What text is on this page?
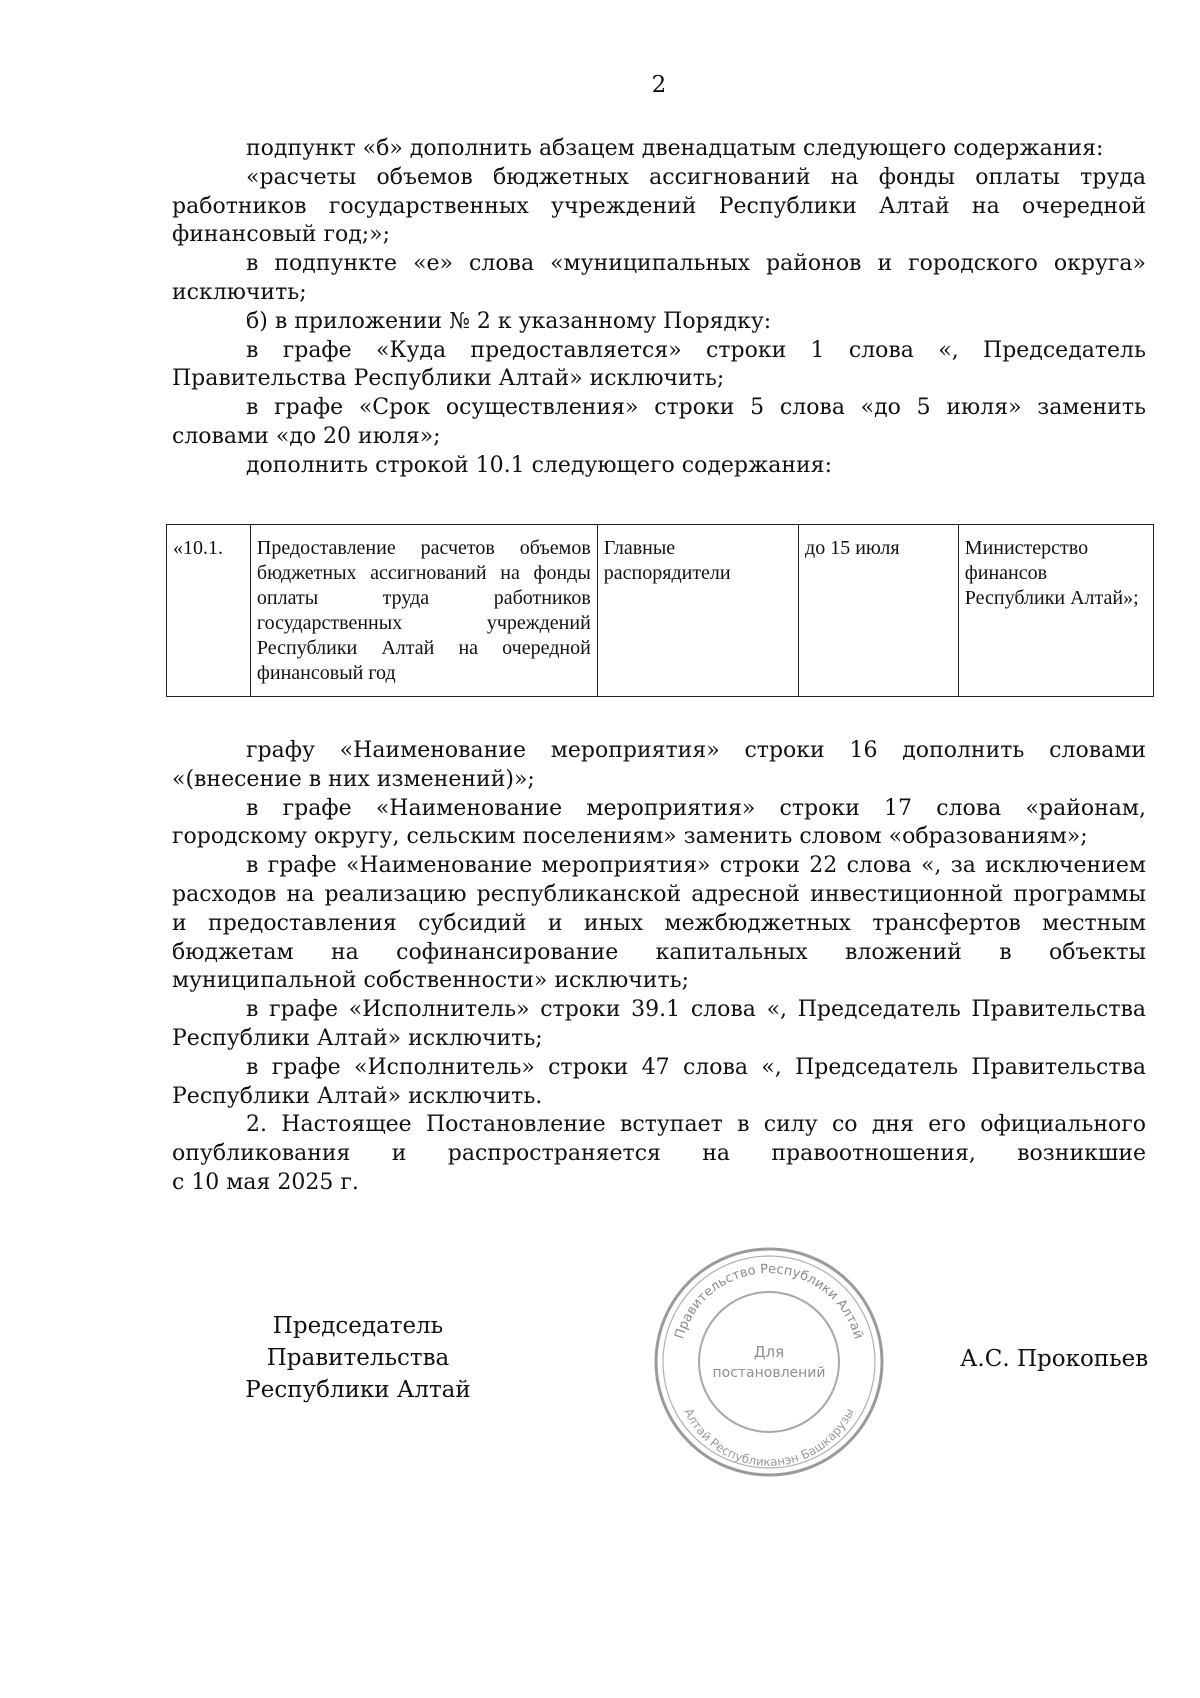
2

подпункт «б» дополнить абзацем двенадцатым следующего содержания:

«расчеты объемов бюджетных ассигнований на фонды оплаты труда работников государственных учреждений Республики Алтай на очередной финансовый год;»;

в подпункте «е» слова «муниципальных районов и городского округа» исключить;

б) в приложении № 2 к указанному Порядку:

в графе «Куда предоставляется» строки 1 слова «, Председатель Правительства Республики Алтай» исключить;

в графе «Срок осуществления» строки 5 слова «до 5 июля» заменить словами «до 20 июля»;

дополнить строкой 10.1 следующего содержания:

«10.1.	Предоставление расчетов объемов бюджетных ассигнований на фонды оплаты труда работников государственных учреждений Республики Алтай на очередной финансовый год	Главные распорядители	до 15 июля	Министерство финансов Республики Алтай»;

графу «Наименование мероприятия» строки 16 дополнить словами «(внесение в них изменений)»;

в графе «Наименование мероприятия» строки 17 слова «районам, городскому округу, сельским поселениям» заменить словом «образованиям»;

в графе «Наименование мероприятия» строки 22 слова «, за исключением расходов на реализацию республиканской адресной инвестиционной программы и предоставления субсидий и иных межбюджетных трансфертов местным бюджетам на софинансирование капитальных вложений в объекты муниципальной собственности» исключить;

в графе «Исполнитель» строки 39.1 слова «, Председатель Правительства Республики Алтай» исключить;

в графе «Исполнитель» строки 47 слова «, Председатель Правительства Республики Алтай» исключить.

2. Настоящее Постановление вступает в силу со дня его официального опубликования и распространяется на правоотношения, возникшие

с 10 мая 2025 г.

Председатель Правительства
Республики Алтай
Правительство Республики Алтай
Алтай Республиканэн Башкарузы
Для
постановлений
А.С. Прокопьев
